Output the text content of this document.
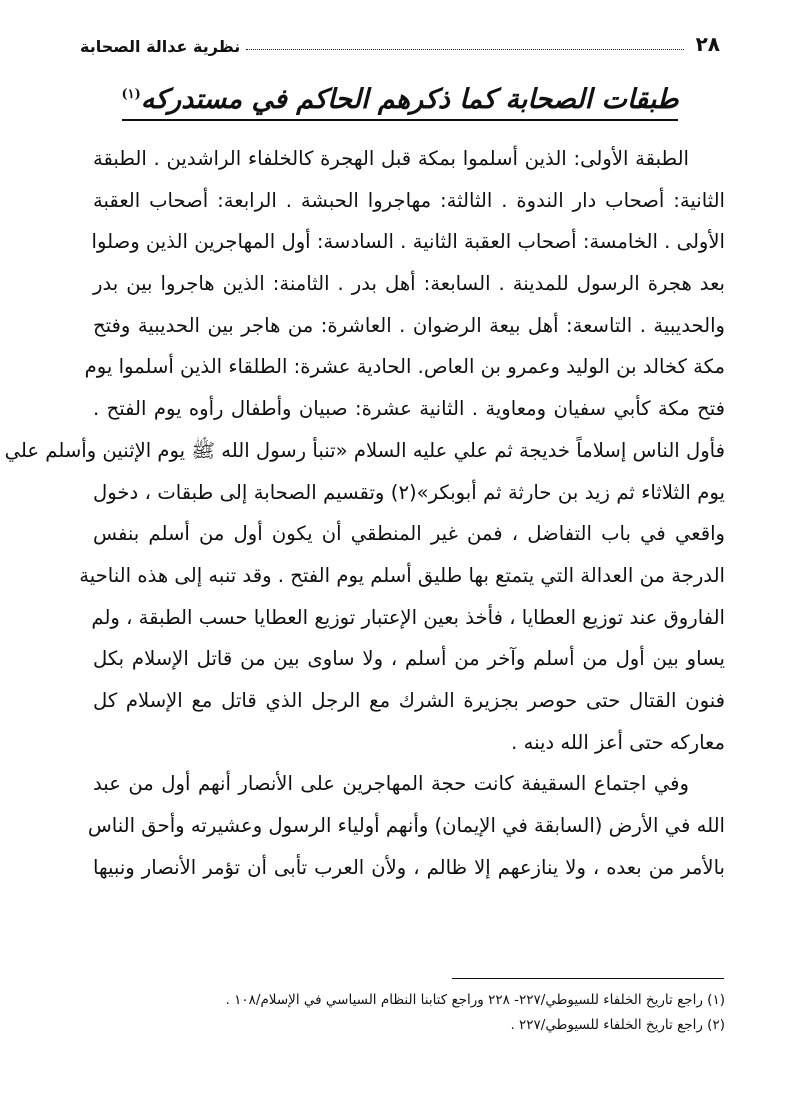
٢٨
نظرية عدالة الصحابة
طبقات الصحابة كما ذكرهم الحاكم في مستدركه$^{(١)}$
الطبقة الأولى: الذين أسلموا بمكة قبل الهجرة كالخلفاء الراشدين . الطبقة
الثانية: أصحاب دار الندوة . الثالثة: مهاجروا الحبشة . الرابعة: أصحاب العقبة
الأولى . الخامسة: أصحاب العقبة الثانية . السادسة: أول المهاجرين الذين وصلوا
بعد هجرة الرسول للمدينة . السابعة: أهل بدر . الثامنة: الذين هاجروا بين بدر
والحديبية . التاسعة: أهل بيعة الرضوان . العاشرة: من هاجر بين الحديبية وفتح
مكة كخالد بن الوليد وعمرو بن العاص. الحادية عشرة: الطلقاء الذين أسلموا يوم
فتح مكة كأبي سفيان ومعاوية . الثانية عشرة: صبيان وأطفال رأوه يوم الفتح .
فأول الناس إسلاماً خديجة ثم علي عليه السلام «تنبأ رسول الله ﷺ يوم الإثنين وأسلم علي
يوم الثلاثاء ثم زيد بن حارثة ثم أبوبكر»(٢) وتقسيم الصحابة إلى طبقات ، دخول
واقعي في باب التفاضل ، فمن غير المنطقي أن يكون أول من أسلم بنفس
الدرجة من العدالة التي يتمتع بها طليق أسلم يوم الفتح . وقد تنبه إلى هذه الناحية
الفاروق عند توزيع العطايا ، فأخذ بعين الإعتبار توزيع العطايا حسب الطبقة ، ولم
يساو بين أول من أسلم وآخر من أسلم ، ولا ساوى بين من قاتل الإسلام بكل
فنون القتال حتى حوصر بجزيرة الشرك مع الرجل الذي قاتل مع الإسلام كل
معاركه حتى أعز الله دينه .
وفي اجتماع السقيفة كانت حجة المهاجرين على الأنصار أنهم أول من عبد
الله في الأرض (السابقة في الإيمان) وأنهم أولياء الرسول وعشيرته وأحق الناس
بالأمر من بعده ، ولا ينازعهم إلا ظالم ، ولأن العرب تأبى أن تؤمر الأنصار ونبيها
(١) راجع تاريخ الخلفاء للسيوطي/٢٢٧- ٢٢٨ وراجع كتابنا النظام السياسي في الإسلام/١٠٨ .
(٢) راجع تاريخ الخلفاء للسيوطي/٢٢٧ .
